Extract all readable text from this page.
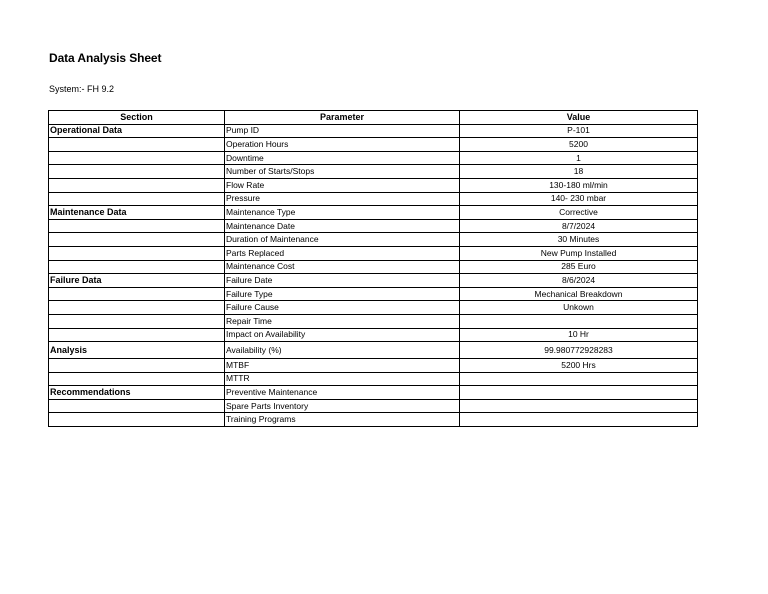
Data Analysis Sheet

System:- FH 9.2

Section	Parameter	Value
Operational Data	Pump ID	P-101
	Operation Hours	5200
	Downtime	1
	Number of Starts/Stops	18
	Flow Rate	130-180 ml/min
	Pressure	140- 230 mbar
Maintenance Data	Maintenance Type	Corrective
	Maintenance Date	8/7/2024
	Duration of Maintenance	30 Minutes
	Parts Replaced	New Pump Installed
	Maintenance Cost	285 Euro
Failure Data	Failure Date	8/6/2024
	Failure Type	Mechanical Breakdown
	Failure Cause	Unkown
	Repair Time	
	Impact on Availability	10 Hr
Analysis	Availability (%)	99.980772928283
	MTBF	5200 Hrs
	MTTR	
Recommendations	Preventive Maintenance	
	Spare Parts Inventory	
	Training Programs	
